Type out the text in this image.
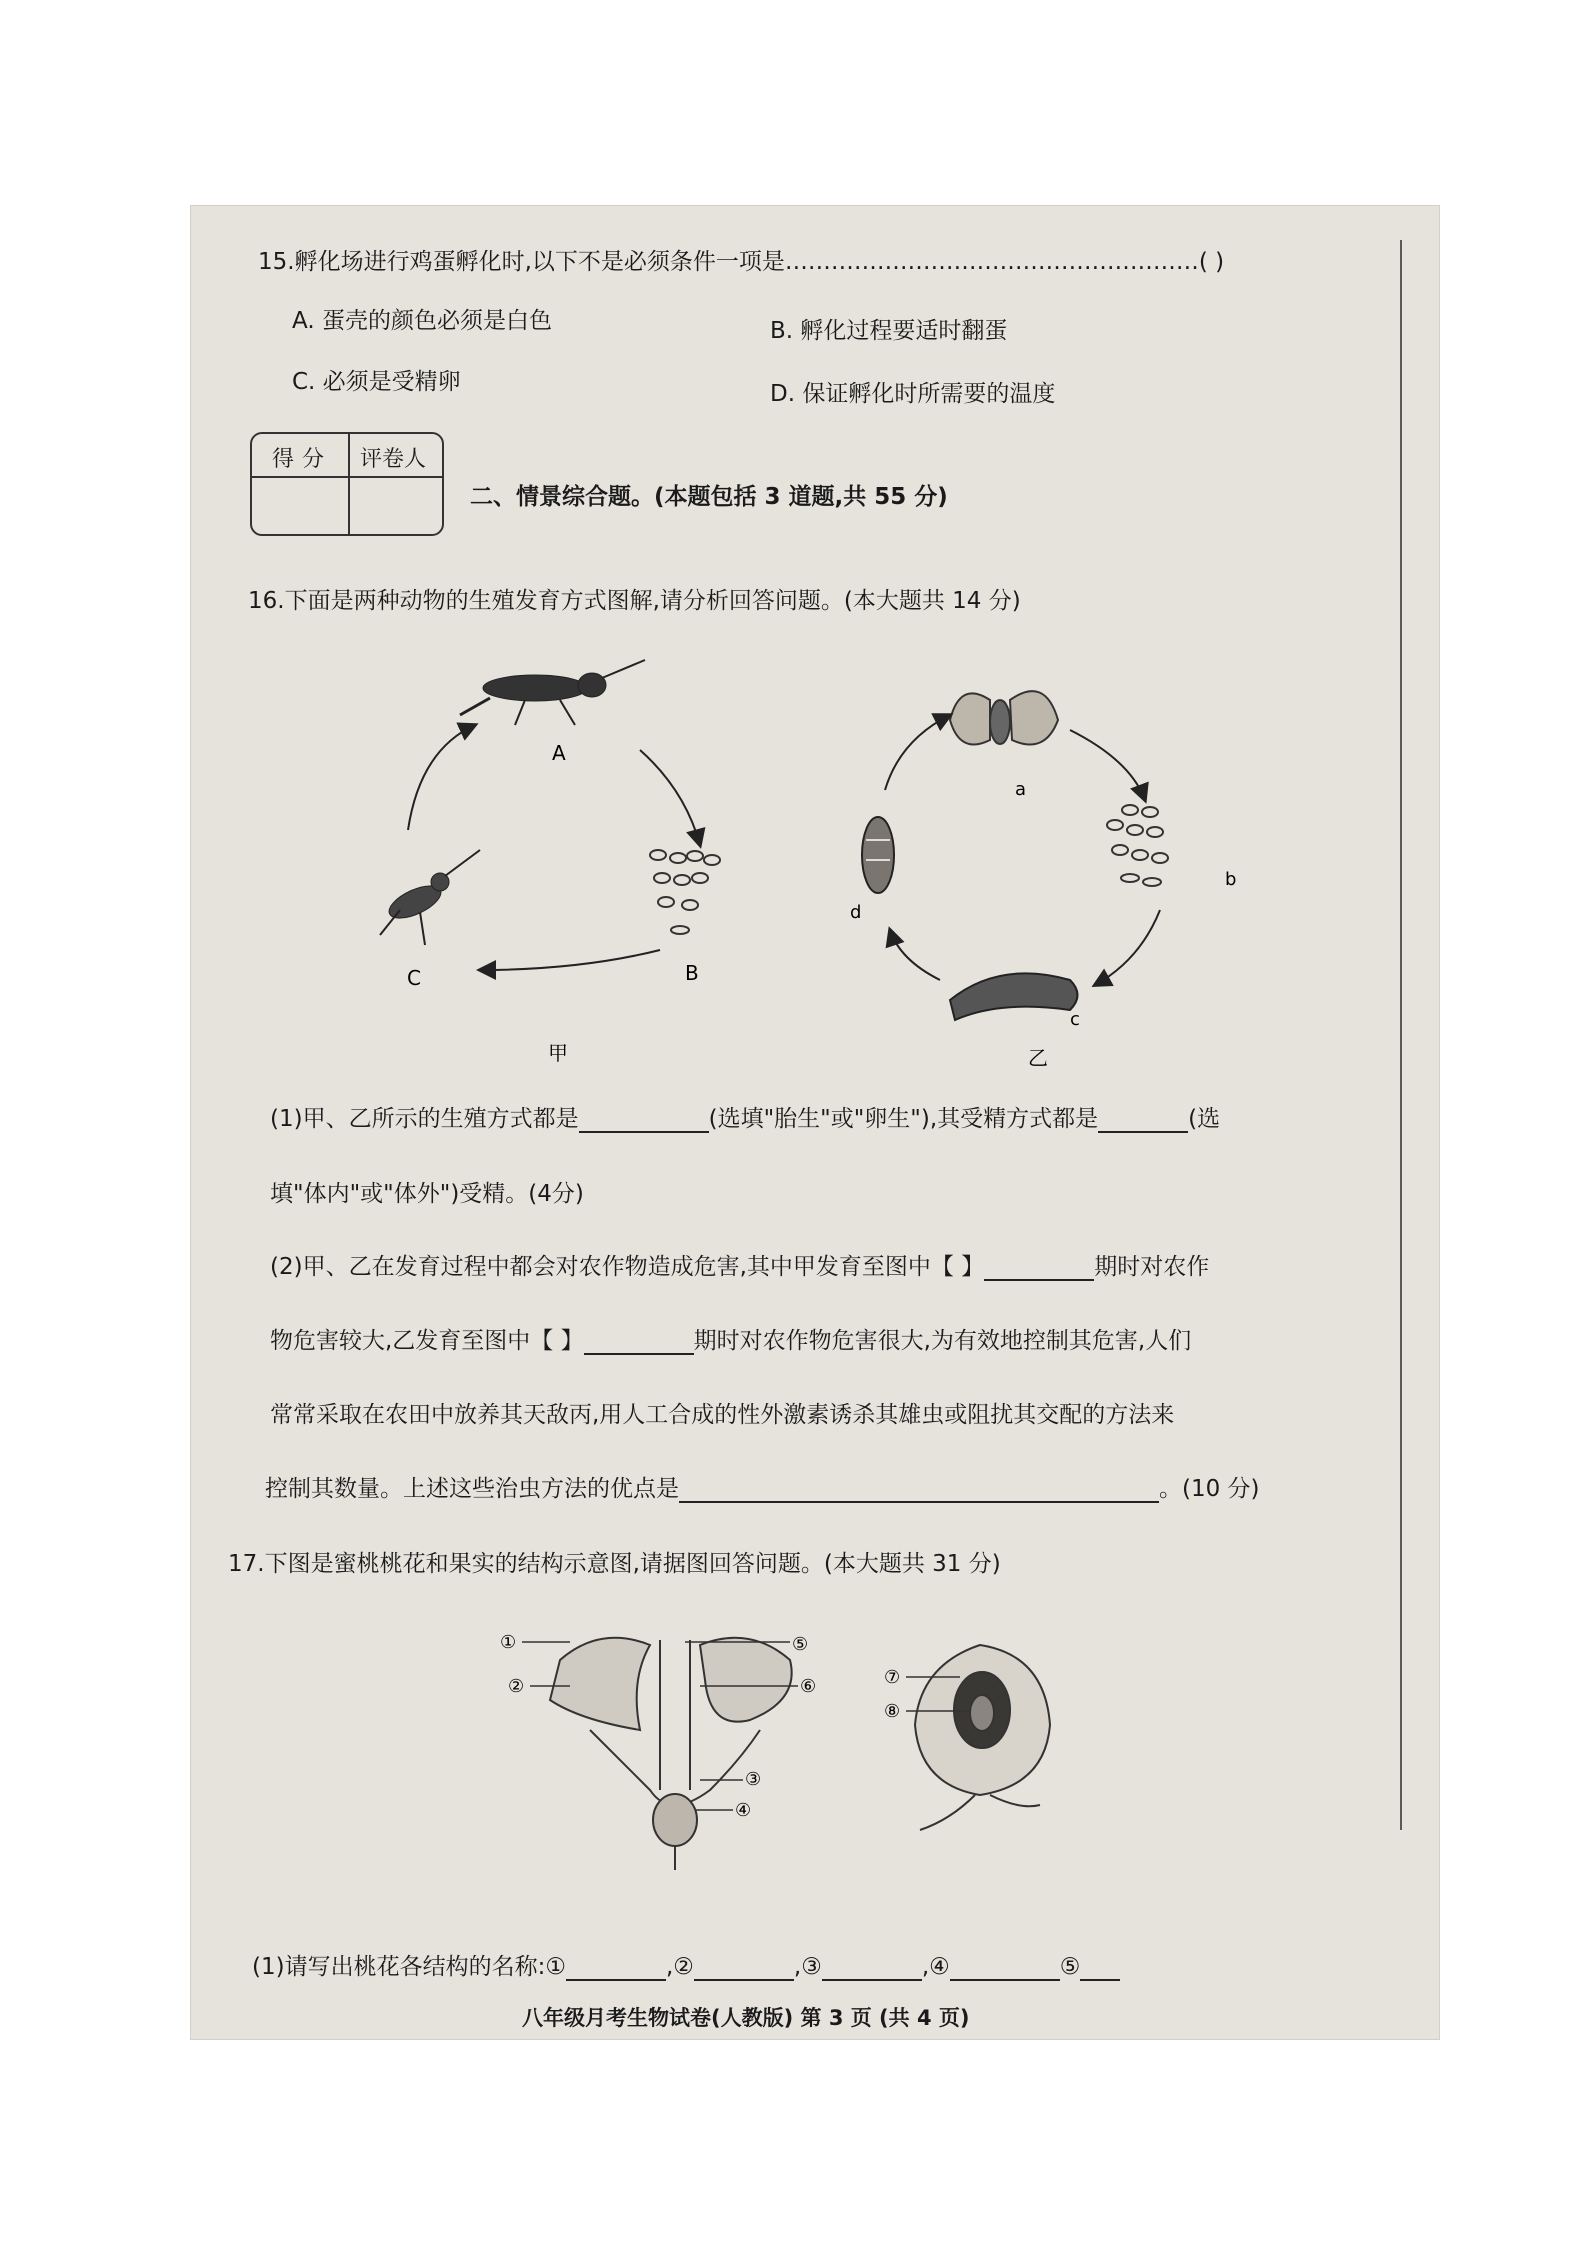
15.孵化场进行鸡蛋孵化时,以下不是必须条件一项是………………………………………………( )
A. 蛋壳的颜色必须是白色	B. 孵化过程要适时翻蛋
C. 必须是受精卵	D. 保证孵化时所需要的温度
得分 评卷人
二、情景综合题。(本题包括 3 道题,共 55 分)
16.下面是两种动物的生殖发育方式图解,请分析回答问题。(本大题共 14 分)
A
B
C
甲
a
b
c
d
乙
(1)甲、乙所示的生殖方式都是	(选填"胎生"或"卵生"),其受精方式都是	(选
填"体内"或"体外")受精。(4分)
(2)甲、乙在发育过程中都会对农作物造成危害,其中甲发育至图中【 】	期时对农作
物危害较大,乙发育至图中【 】	期时对农作物危害很大,为有效地控制其危害,人们
常常采取在农田中放养其天敌丙,用人工合成的性外激素诱杀其雄虫或阻扰其交配的方法来
控制其数量。上述这些治虫方法的优点是	。(10 分)
17.下图是蜜桃桃花和果实的结构示意图,请据图回答问题。(本大题共 31 分)
①
②
③
④
⑤
⑥	⑦
⑧
(1)请写出桃花各结构的名称:①	,②	,③	,④	⑤
八年级月考生物试卷(人教版) 第 3 页 (共 4 页)
